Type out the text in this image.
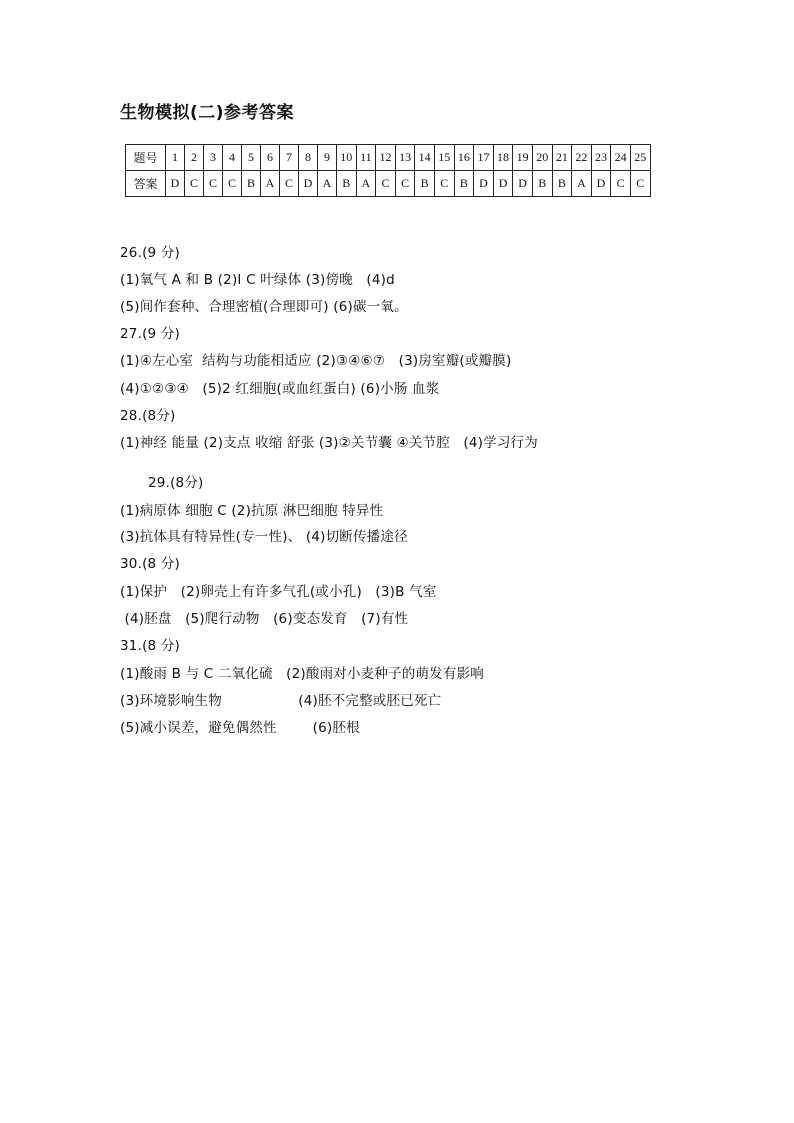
生物模拟(二)参考答案
题号	1	2	3	4	5	6	7	8	9	10	11	12	13	14	15	16	17	18	19	20	21	22	23	24	25
答案	D	C	C	C	B	A	C	D	A	B	A	C	C	B	C	B	D	D	D	B	B	A	D	C	C
26.(9 分)
(1)氧气 A 和 B (2)Ⅰ C 叶绿体 (3)傍晚   (4)d
(5)间作套种、合理密植(合理即可) (6)碳一氧。
27.(9 分)
(1)④左心室  结构与功能相适应 (2)③④⑥⑦   (3)房室瓣(或瓣膜)
(4)①②③④   (5)2 红细胞(或血红蛋白) (6)小肠 血浆
28.(8分)
(1)神经 能量 (2)支点 收缩 舒张 (3)②关节囊 ④关节腔   (4)学习行为
29.(8分)
(1)病原体 细胞 C (2)抗原 淋巴细胞 特异性
(3)抗体具有特异性(专一性)、 (4)切断传播途径
30.(8 分)
(1)保护   (2)卵壳上有许多气孔(或小孔)   (3)B 气室
(4)胚盘   (5)爬行动物   (6)变态发育   (7)有性
31.(8 分)
(1)酸雨 B 与 C 二氧化硫   (2)酸雨对小麦种子的萌发有影响
(3)环境影响生物                 (4)胚不完整或胚已死亡
(5)减小误差，避免偶然性        (6)胚根
